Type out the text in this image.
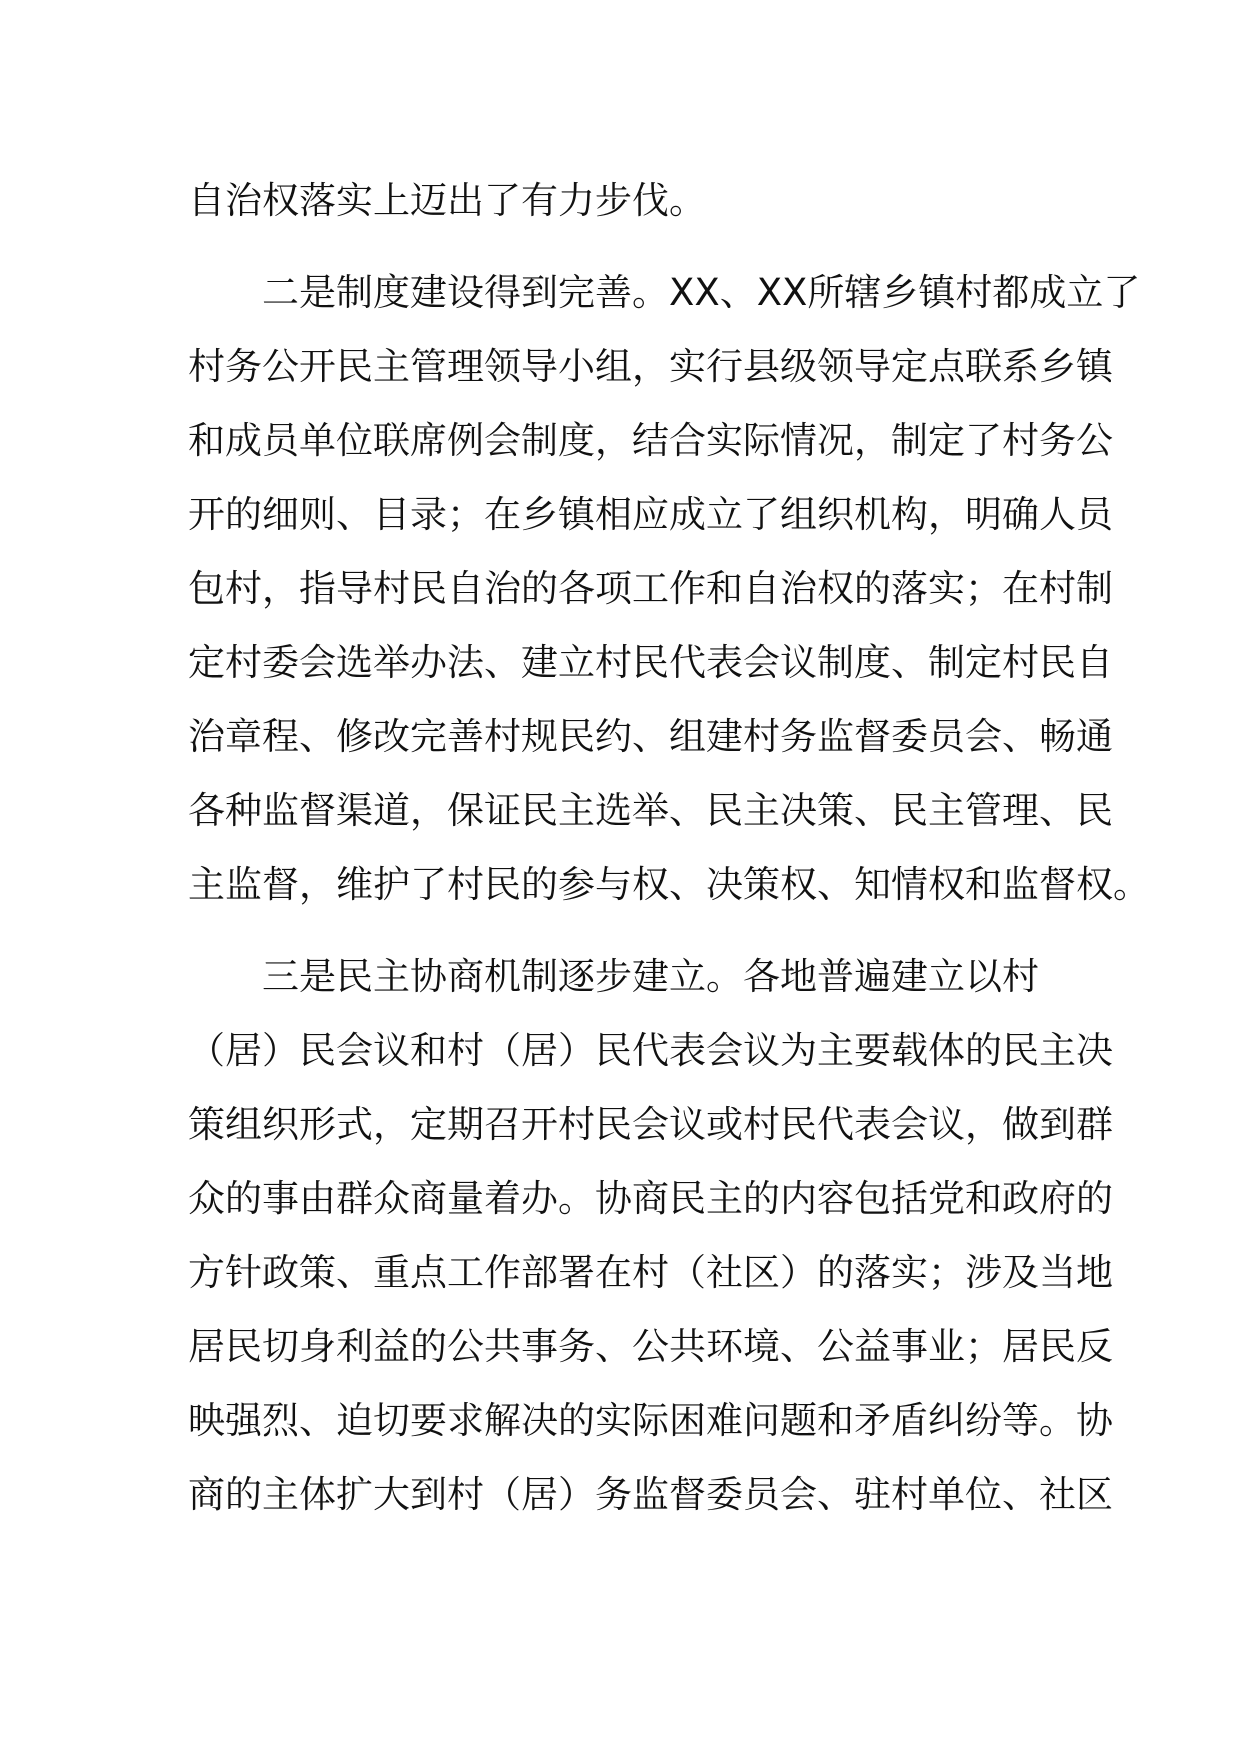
自治权落实上迈出了有力步伐。
二是制度建设得到完善。XX、XX所辖乡镇村都成立了
村务公开民主管理领导小组，实行县级领导定点联系乡镇
和成员单位联席例会制度，结合实际情况，制定了村务公
开的细则、目录；在乡镇相应成立了组织机构，明确人员
包村，指导村民自治的各项工作和自治权的落实；在村制
定村委会选举办法、建立村民代表会议制度、制定村民自
治章程、修改完善村规民约、组建村务监督委员会、畅通
各种监督渠道，保证民主选举、民主决策、民主管理、民
主监督，维护了村民的参与权、决策权、知情权和监督权。
三是民主协商机制逐步建立。各地普遍建立以村
（居）民会议和村（居）民代表会议为主要载体的民主决
策组织形式，定期召开村民会议或村民代表会议，做到群
众的事由群众商量着办。协商民主的内容包括党和政府的
方针政策、重点工作部署在村（社区）的落实；涉及当地
居民切身利益的公共事务、公共环境、公益事业；居民反
映强烈、迫切要求解决的实际困难问题和矛盾纠纷等。协
商的主体扩大到村（居）务监督委员会、驻村单位、社区
